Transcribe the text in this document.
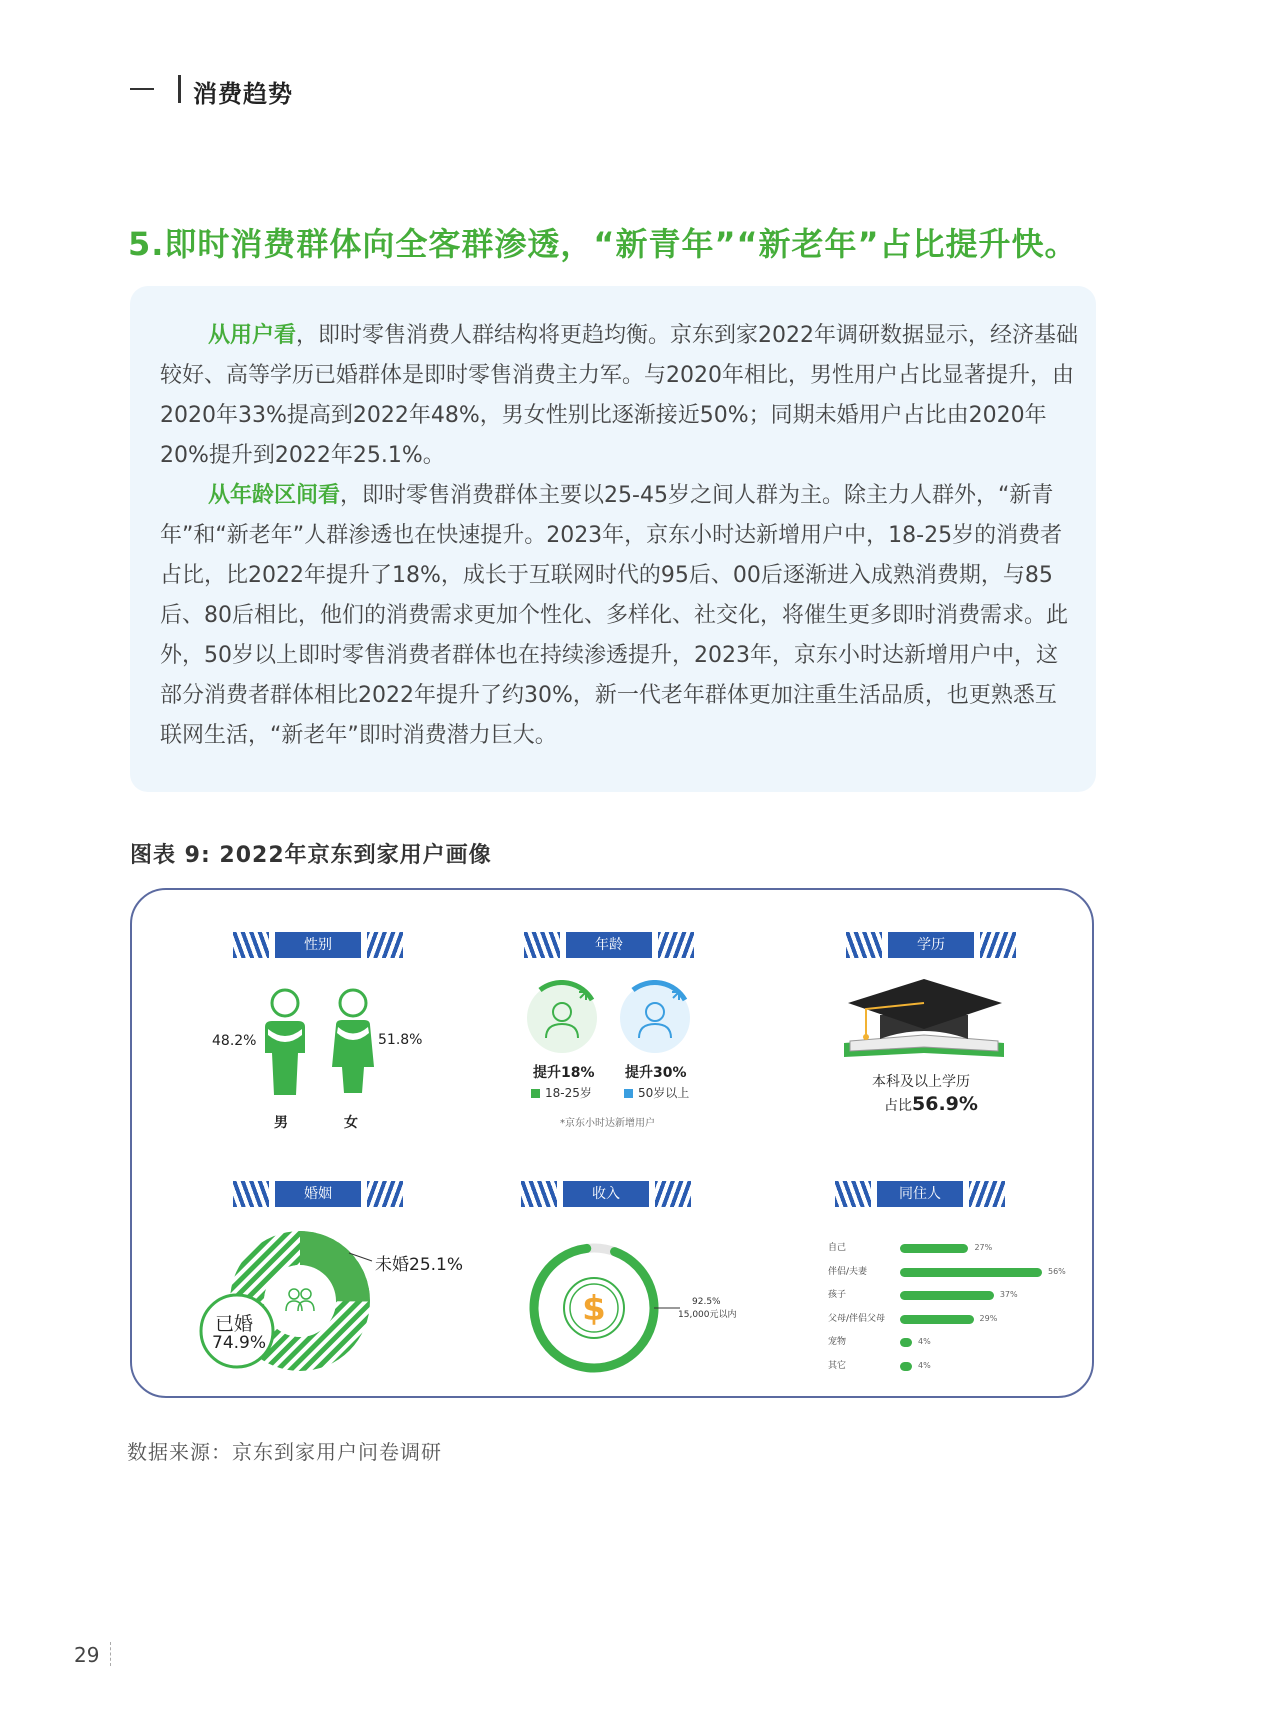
消费趋势
5.即时消费群体向全客群渗透，“新青年”“新老年”占比提升快。

从用户看，即时零售消费人群结构将更趋均衡。京东到家2022年调研数据显示，经济基础较好、高等学历已婚群体是即时零售消费主力军。与2020年相比，男性用户占比显著提升，由2020年33%提高到2022年48%，男女性别比逐渐接近50%；同期未婚用户占比由2020年20%提升到2022年25.1%。

从年龄区间看，即时零售消费群体主要以25-45岁之间人群为主。除主力人群外，“新青年”和“新老年”人群渗透也在快速提升。2023年，京东小时达新增用户中，18-25岁的消费者占比，比2022年提升了18%，成长于互联网时代的95后、00后逐渐进入成熟消费期，与85后、80后相比，他们的消费需求更加个性化、多样化、社交化，将催生更多即时消费需求。此外，50岁以上即时零售消费者群体也在持续渗透提升，2023年，京东小时达新增用户中，这部分消费者群体相比2022年提升了约30%，新一代老年群体更加注重生活品质，也更熟悉互联网生活，“新老年”即时消费潜力巨大。

图表 9: 2022年京东到家用户画像
性别
48.2%	51.8%
男	女
年龄
提升18% 提升30%
18-25岁	50岁以上
*京东小时达新增用户
学历
本科及以上学历
占比56.9%
婚姻
已婚
74.9%
未婚25.1%
收入
$	92.5%
15,000元以内
同住人
自己	27%
伴侣/夫妻	56%
孩子	37%
父母/伴侣父母	29%
宠物	4%
其它	4%
数据来源：京东到家用户问卷调研
29
